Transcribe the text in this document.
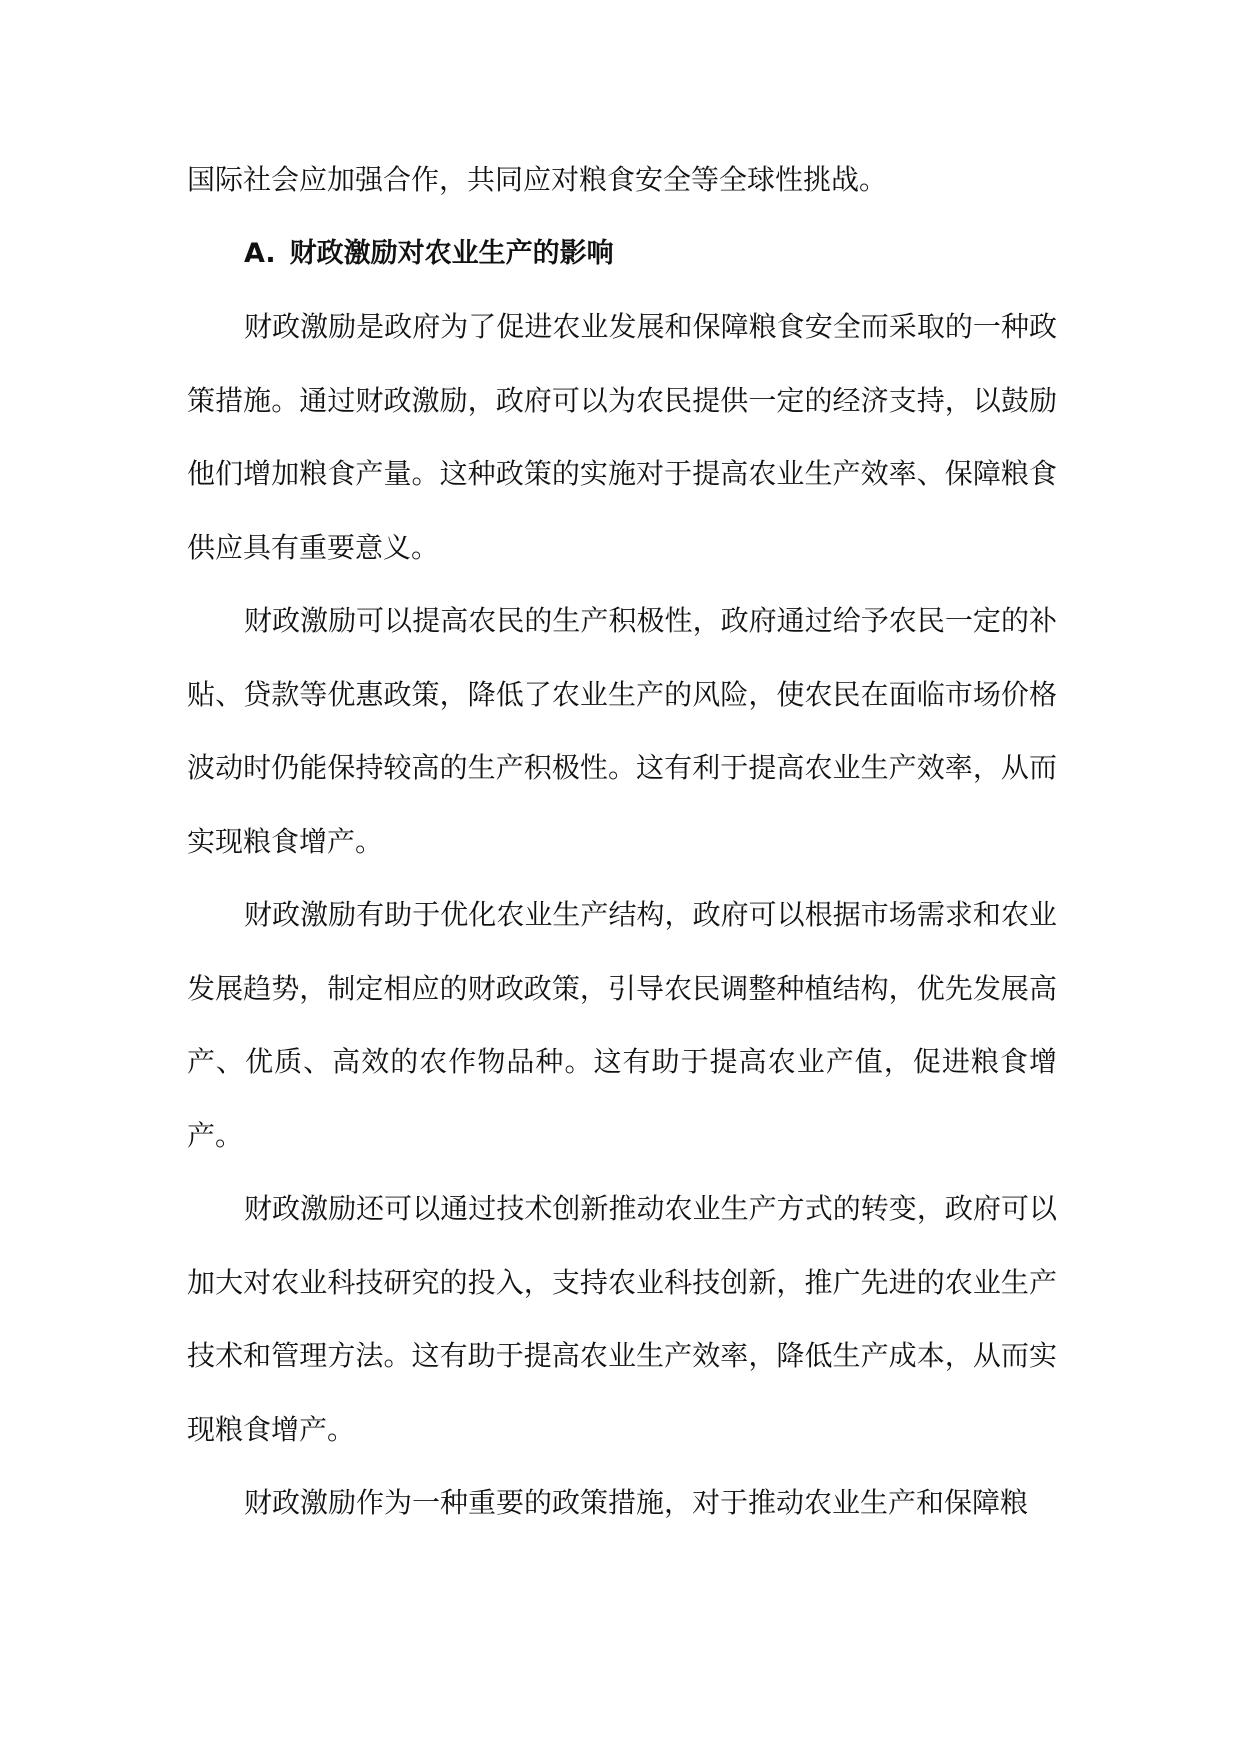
国际社会应加强合作，共同应对粮食安全等全球性挑战。

A. 财政激励对农业生产的影响

财政激励是政府为了促进农业发展和保障粮食安全而采取的一种政策措施。通过财政激励，政府可以为农民提供一定的经济支持，以鼓励他们增加粮食产量。这种政策的实施对于提高农业生产效率、保障粮食供应具有重要意义。

财政激励可以提高农民的生产积极性，政府通过给予农民一定的补贴、贷款等优惠政策，降低了农业生产的风险，使农民在面临市场价格波动时仍能保持较高的生产积极性。这有利于提高农业生产效率，从而实现粮食增产。

财政激励有助于优化农业生产结构，政府可以根据市场需求和农业发展趋势，制定相应的财政政策，引导农民调整种植结构，优先发展高产、优质、高效的农作物品种。这有助于提高农业产值，促进粮食增产。

财政激励还可以通过技术创新推动农业生产方式的转变，政府可以加大对农业科技研究的投入，支持农业科技创新，推广先进的农业生产技术和管理方法。这有助于提高农业生产效率，降低生产成本，从而实现粮食增产。

财政激励作为一种重要的政策措施，对于推动农业生产和保障粮
